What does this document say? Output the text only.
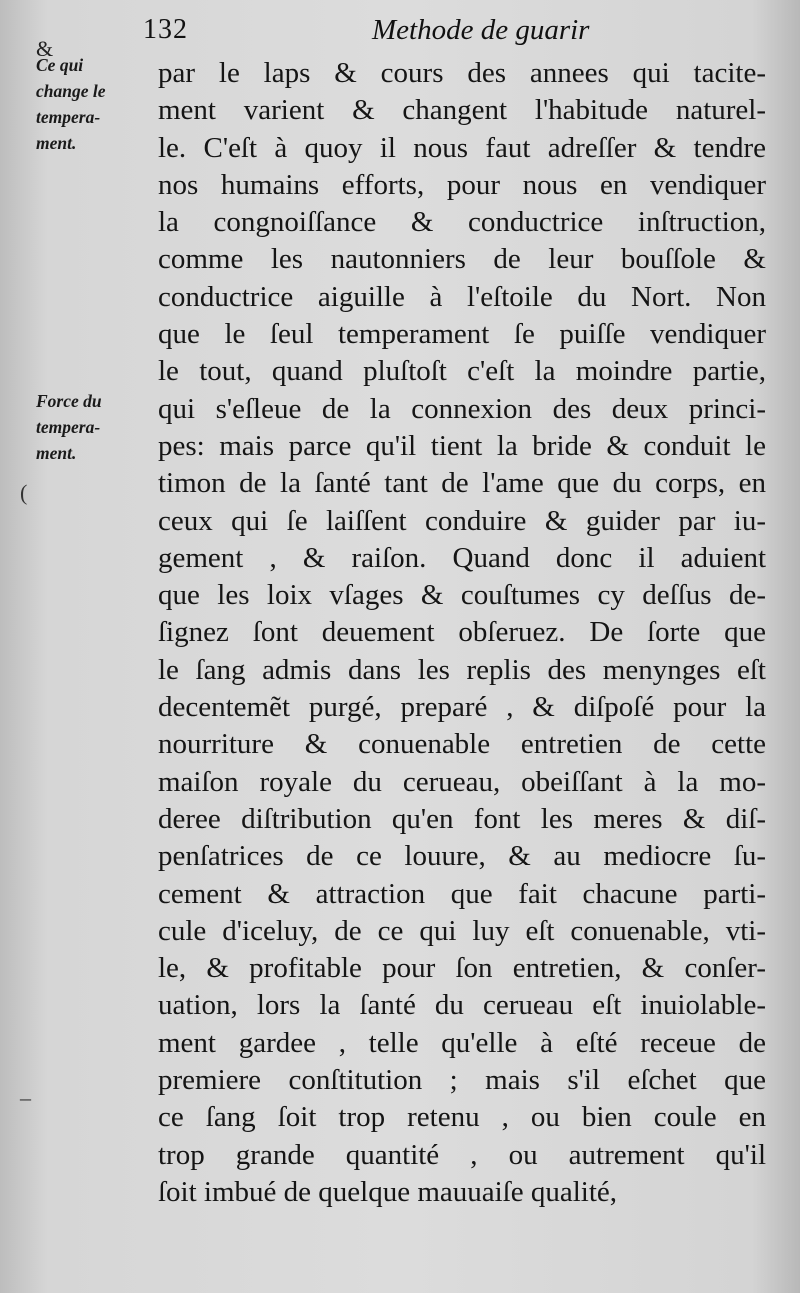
&
132	Methode de guarir
Ce qui
change le
tempera-
ment.
Force du
tempera-
ment.
(
–
par le laps & cours des annees qui tacite-
ment varient & changent l'habitude naturel-
le. C'eſt à quoy il nous faut adreſſer & tendre
nos humains efforts, pour nous en vendiquer
la congnoiſſance & conductrice inſtruction,
comme les nautonniers de leur bouſſole &
conductrice aiguille à l'eſtoile du Nort. Non
que le ſeul temperament ſe puiſſe vendiquer
le tout, quand pluſtoſt c'eſt la moindre partie,
qui s'eſleue de la connexion des deux princi-
pes: mais parce qu'il tient la bride & conduit le
timon de la ſanté tant de l'ame que du corps, en
ceux qui ſe laiſſent conduire & guider par iu-
gement , & raiſon. Quand donc il aduient
que les loix vſages & couſtumes cy deſſus de-
ſignez ſont deuement obſeruez. De ſorte que
le ſang admis dans les replis des menynges eſt
decentemẽt purgé, preparé , & diſpoſé pour la
nourriture & conuenable entretien de cette
maiſon royale du cerueau, obeiſſant à la mo-
deree diſtribution qu'en font les meres & diſ-
penſatrices de ce louure, & au mediocre ſu-
cement & attraction que fait chacune parti-
cule d'iceluy, de ce qui luy eſt conuenable, vti-
le, & profitable pour ſon entretien, & conſer-
uation, lors la ſanté du cerueau eſt inuiolable-
ment gardee , telle qu'elle à eſté receue de
premiere conſtitution ; mais s'il eſchet que
ce ſang ſoit trop retenu , ou bien coule en
trop grande quantité , ou autrement qu'il
ſoit imbué de quelque mauuaiſe qualité,
